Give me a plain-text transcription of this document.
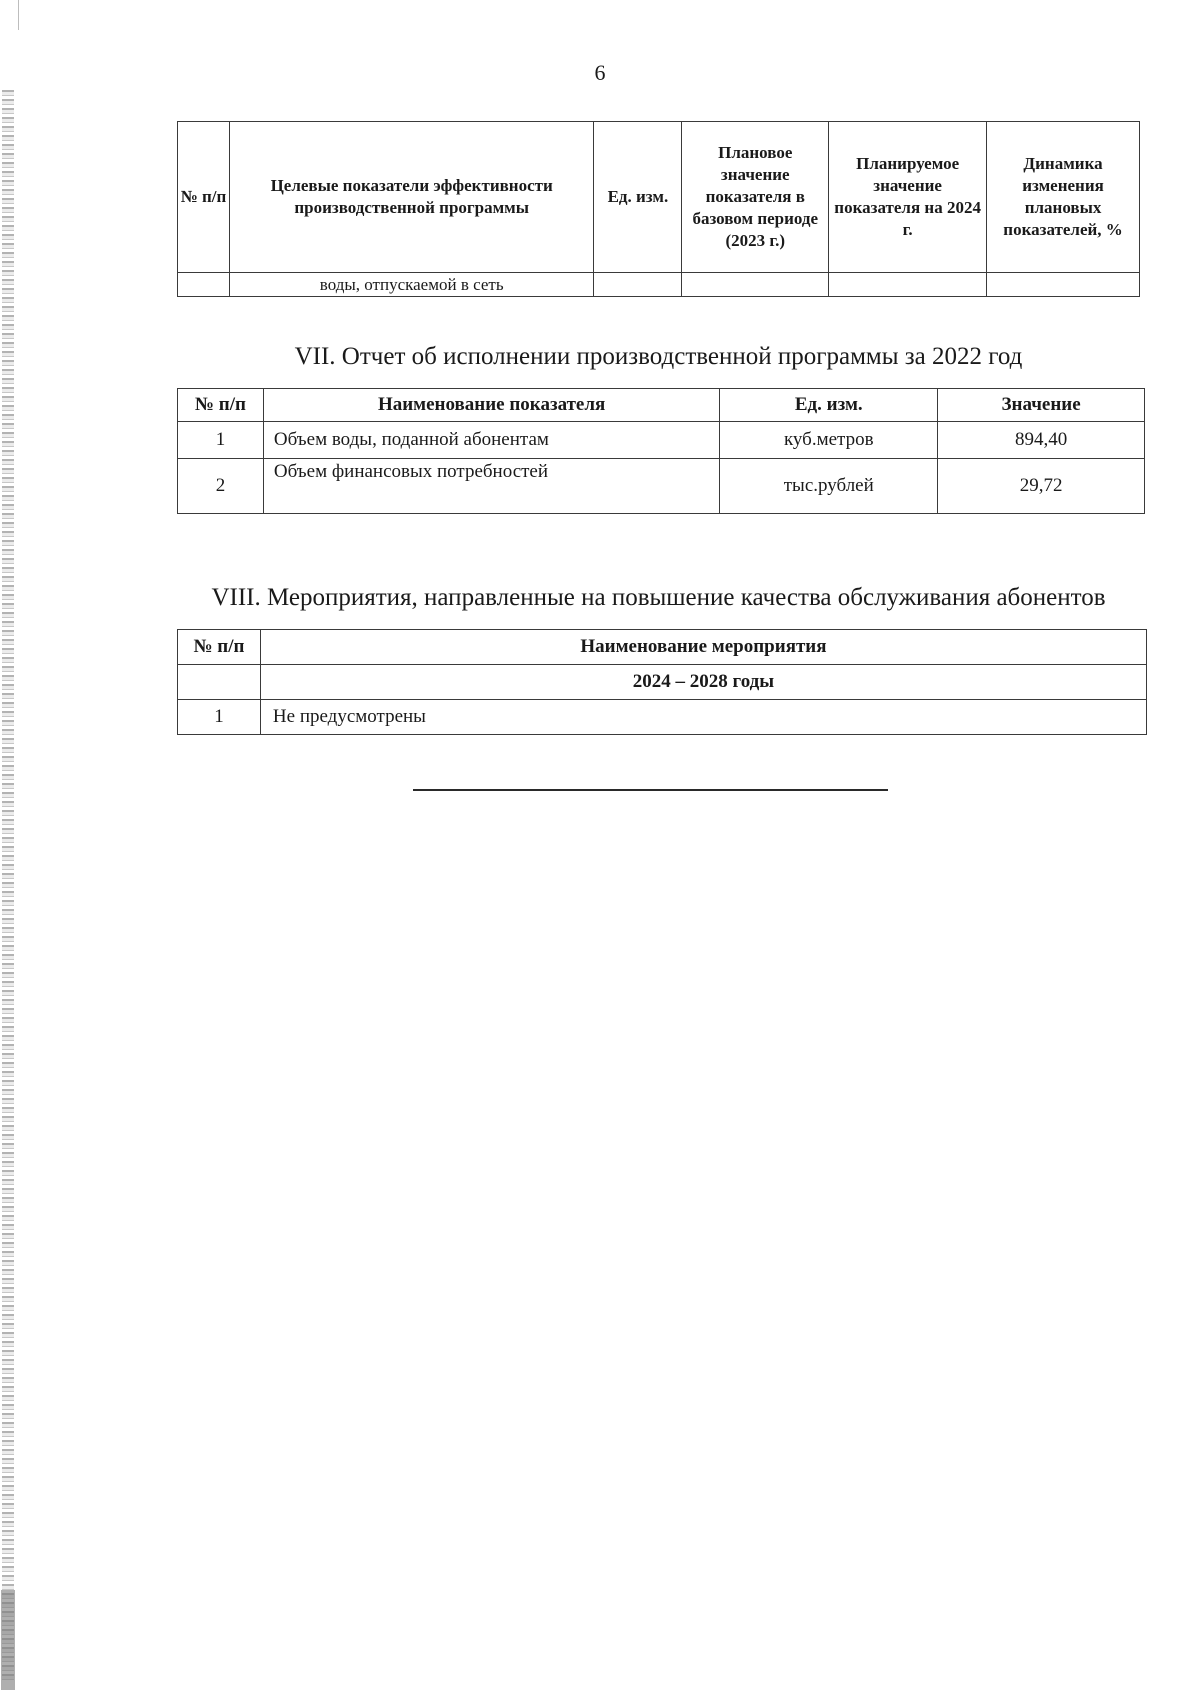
6
№ п/п	Целевые показатели эффективности производственной программы	Ед. изм.	Плановое значение показателя в базовом периоде (2023 г.)	Планируемое значение показателя на 2024 г.	Динамика изменения плановых показателей, %
	воды, отпускаемой в сеть				
VII. Отчет об исполнении производственной программы за 2022 год
№ п/п	Наименование показателя	Ед. изм.	Значение
1	Объем воды, поданной абонентам	куб.метров	894,40
2	Объем финансовых потребностей	тыс.рублей	29,72
VIII. Мероприятия, направленные на повышение качества обслуживания абонентов
№ п/п	Наименование мероприятия
	2024 – 2028 годы
1	Не предусмотрены
